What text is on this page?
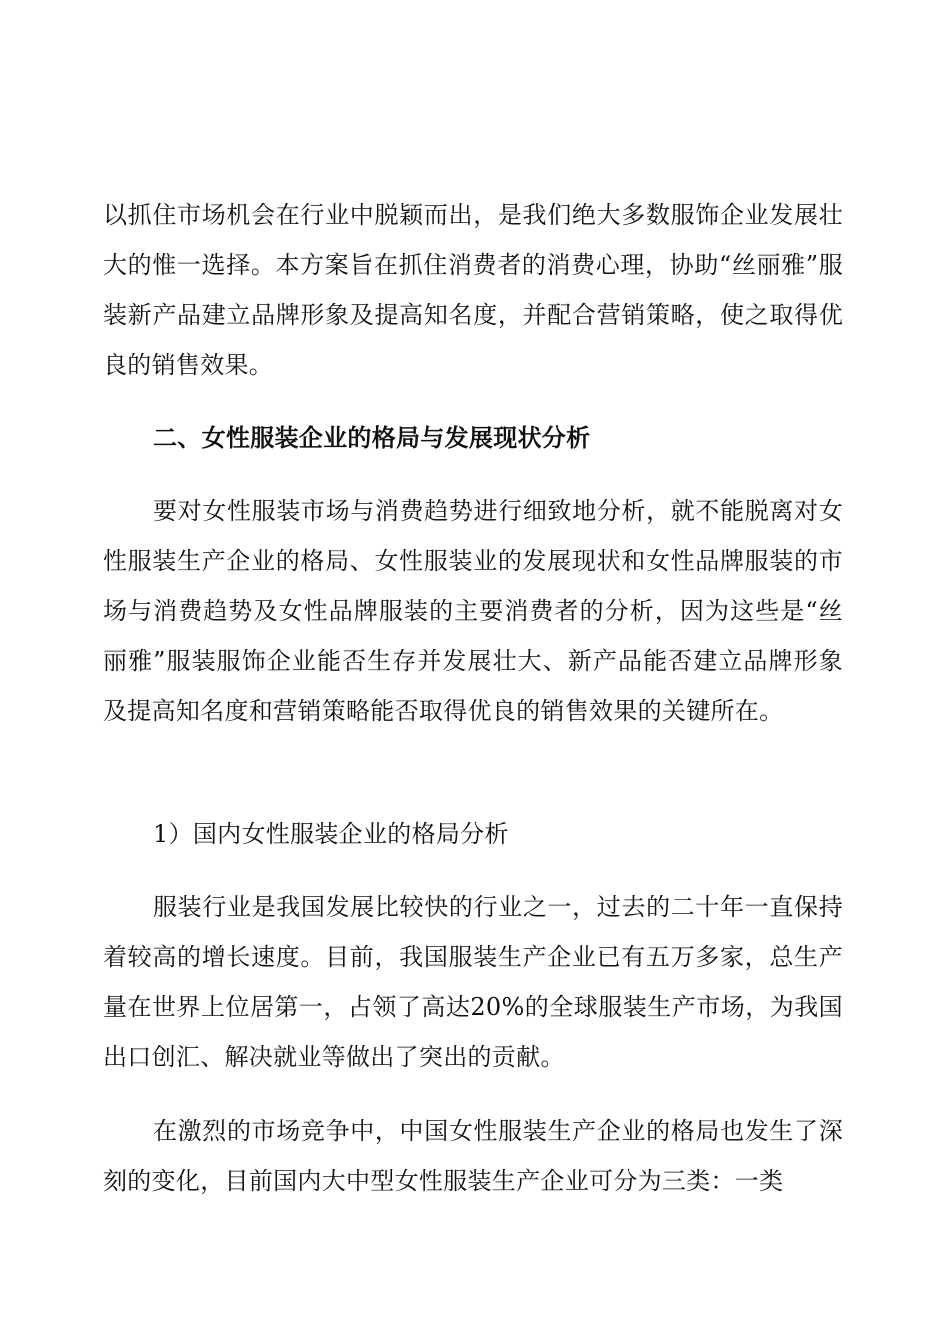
以抓住市场机会在行业中脱颖而出，是我们绝大多数服饰企业发展壮大的惟一选择。本方案旨在抓住消费者的消费心理，协助“丝丽雅”服装新产品建立品牌形象及提高知名度，并配合营销策略，使之取得优良的销售效果。

二、女性服装企业的格局与发展现状分析

要对女性服装市场与消费趋势进行细致地分析，就不能脱离对女性服装生产企业的格局、女性服装业的发展现状和女性品牌服装的市场与消费趋势及女性品牌服装的主要消费者的分析，因为这些是“丝丽雅”服装服饰企业能否生存并发展壮大、新产品能否建立品牌形象及提高知名度和营销策略能否取得优良的销售效果的关键所在。

1）国内女性服装企业的格局分析

服装行业是我国发展比较快的行业之一，过去的二十年一直保持着较高的增长速度。目前，我国服装生产企业已有五万多家，总生产量在世界上位居第一，占领了高达20%的全球服装生产市场，为我国出口创汇、解决就业等做出了突出的贡献。

在激烈的市场竞争中，中国女性服装生产企业的格局也发生了深刻的变化，目前国内大中型女性服装生产企业可分为三类：一类
